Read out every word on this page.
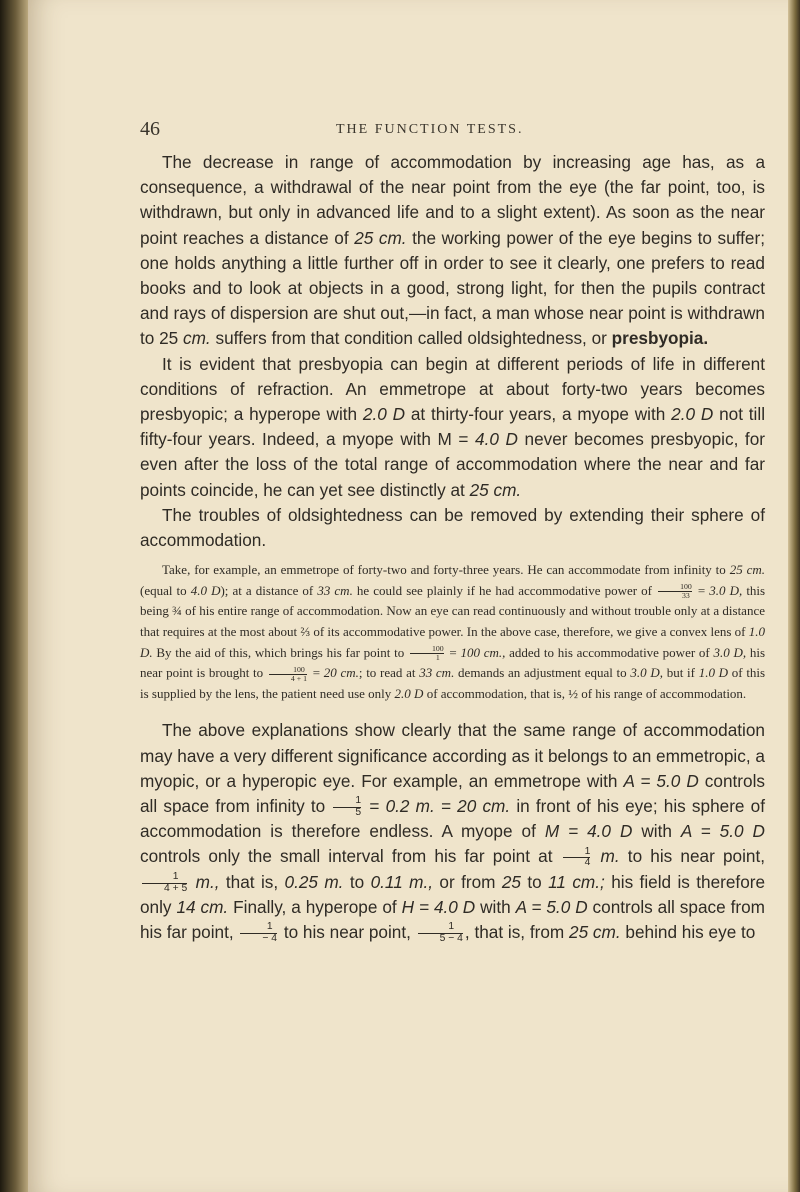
46	THE FUNCTION TESTS.

The decrease in range of accommodation by increasing age has, as a consequence, a withdrawal of the near point from the eye (the far point, too, is withdrawn, but only in advanced life and to a slight extent). As soon as the near point reaches a distance of 25 cm. the working power of the eye begins to suffer; one holds anything a little further off in order to see it clearly, one prefers to read books and to look at objects in a good, strong light, for then the pupils contract and rays of dispersion are shut out,—in fact, a man whose near point is withdrawn to 25 cm. suffers from that condition called oldsightedness, or presbyopia.

It is evident that presbyopia can begin at different periods of life in different conditions of refraction. An emmetrope at about forty-two years becomes presbyopic; a hyperope with 2.0 D at thirty-four years, a myope with 2.0 D not till fifty-four years. Indeed, a myope with M = 4.0 D never becomes presbyopic, for even after the loss of the total range of accommodation where the near and far points coincide, he can yet see distinctly at 25 cm.

The troubles of oldsightedness can be removed by extending their sphere of accommodation.

Take, for example, an emmetrope of forty-two and forty-three years. He can accommodate from infinity to 25 cm. (equal to 4.0 D); at a distance of 33 cm. he could see plainly if he had accommodative power of $\frac{100}{33} = 3.0$ D, this being ¾ of his entire range of accommodation. Now an eye can read continuously and without trouble only at a distance that requires at the most about ⅔ of its accommodative power. In the above case, therefore, we give a convex lens of 1.0 D. By the aid of this, which brings his far point to $\frac{100}{1} = 100$ cm., added to his accommodative power of 3.0 D, his near point is brought to $\frac{100}{4 + 1} = 20$ cm.; to read at 33 cm. demands an adjustment equal to 3.0 D, but if 1.0 D of this is supplied by the lens, the patient need use only 2.0 D of accommodation, that is, ½ of his range of accommodation.

The above explanations show clearly that the same range of accommodation may have a very different significance according as it belongs to an emmetropic, a myopic, or a hyperopic eye. For example, an emmetrope with A = 5.0 D controls all space from infinity to $\frac{1}{5} = 0.2$ m. = 20 cm. in front of his eye; his sphere of accommodation is therefore endless. A myope of M = 4.0 D with A = 5.0 D controls only the small interval from his far point at $\frac{1}{4} m$. to his near point,
$\frac{1}{4 + 5} m$., that is, 0.25 m. to 0.11 m., or from 25 to 11 cm.; his field is therefore only 14 cm. Finally, a hyperope of H = 4.0 D with A = 5.0 D controls all space from his far point, $\frac{1}{- 4}$ to his near point, $\frac{1}{5 - 4}$ , that is, from 25 cm. behind his eye to
